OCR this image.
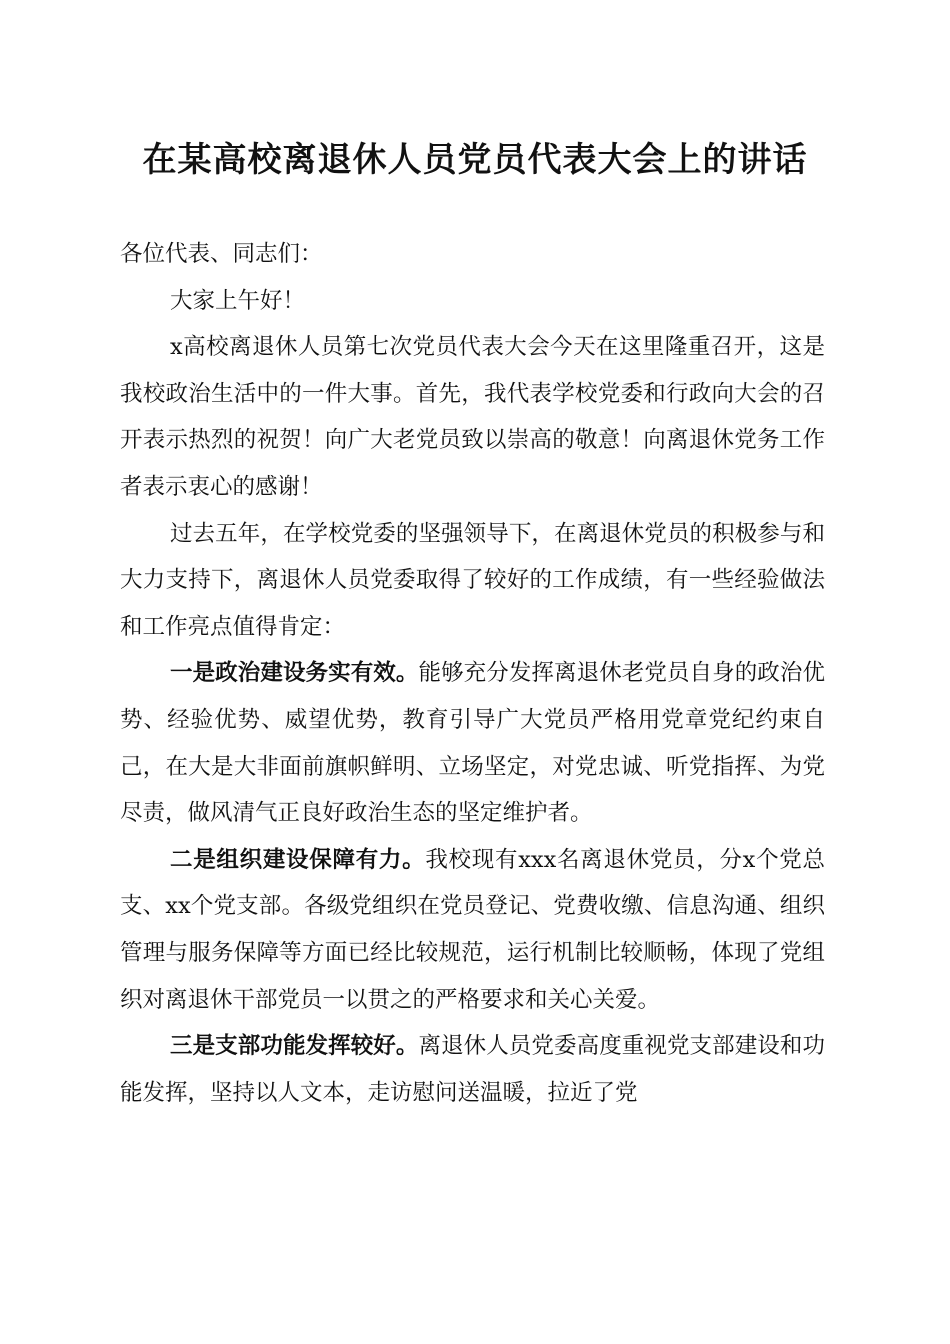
在某高校离退休人员党员代表大会上的讲话

各位代表、同志们：

大家上午好！

x高校离退休人员第七次党员代表大会今天在这里隆重召开，这是我校政治生活中的一件大事。首先，我代表学校党委和行政向大会的召开表示热烈的祝贺！向广大老党员致以崇高的敬意！向离退休党务工作者表示衷心的感谢！

过去五年，在学校党委的坚强领导下，在离退休党员的积极参与和大力支持下，离退休人员党委取得了较好的工作成绩，有一些经验做法和工作亮点值得肯定：

一是政治建设务实有效。能够充分发挥离退休老党员自身的政治优势、经验优势、威望优势，教育引导广大党员严格用党章党纪约束自己，在大是大非面前旗帜鲜明、立场坚定，对党忠诚、听党指挥、为党尽责，做风清气正良好政治生态的坚定维护者。

二是组织建设保障有力。我校现有xxx名离退休党员，分x个党总支、xx个党支部。各级党组织在党员登记、党费收缴、信息沟通、组织管理与服务保障等方面已经比较规范，运行机制比较顺畅，体现了党组织对离退休干部党员一以贯之的严格要求和关心关爱。

三是支部功能发挥较好。离退休人员党委高度重视党支部建设和功能发挥，坚持以人文本，走访慰问送温暖，拉近了党
